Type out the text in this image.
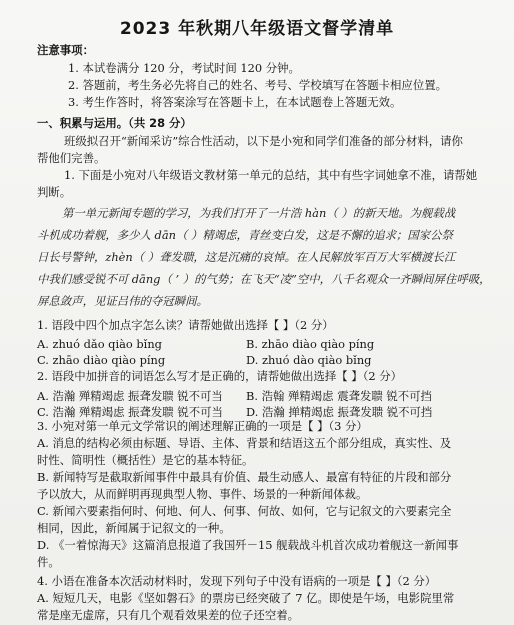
2023 年秋期八年级语文督学清单
注意事项：
1. 本试卷满分 120 分，考试时间 120 分钟。
2. 答题前，考生务必先将自己的姓名、考号、学校填写在答题卡相应位置。
3. 考生作答时，将答案涂写在答题卡上，在本试题卷上答题无效。
一、积累与运用。（共 28 分）
班级拟召开“新闻采访”综合性活动，以下是小宛和同学们准备的部分材料，请你
帮他们完善。
1. 下面是小宛对八年级语文教材第一单元的总结，其中有些字词她拿不准，请帮她
判断。
第一单元新闻专题的学习，为我们打开了一片浩 hàn（ ）的新天地。为舰载战
斗机成功着舰，多少人 dān（ ）精竭虑，青丝变白发，这是不懈的追求；国家公祭
日长号警钟，zhèn（ ）聋发聩，这是沉痛的哀悼。在人民解放军百万大军横渡长江
中我们感受锐不可 dāng（ ’ ）的气势；在飞天“凌”空中，八千名观众一齐瞬间屏住呼吸，
屏息敛声，见证吕伟的夺冠瞬间。
1. 语段中四个加点字怎么读？请帮她做出选择【 】（2 分）
A. zhuó dǎo qiào bǐng	B. zhāo diào qiào píng
C. zhāo diào qiào píng	D. zhuó dào qiào bǐng
2. 语段中加拼音的词语怎么写才是正确的，请帮她做出选择【 】（2 分）
A. 浩瀚 殚精竭虑 振聋发聩 锐不可当 B. 浩翰 殚精竭虑 震聋发聩 锐不可挡
C. 浩瀚 殚精竭虑 振聋发聩 锐不可当 D. 浩瀚 掸精竭虑 振聋发聩 锐不可挡
3. 小宛对第一单元文学常识的阐述理解正确的一项是【 】（3 分）
A. 消息的结构必须由标题、导语、主体、背景和结语这五个部分组成，真实性、及
时性、简明性（概括性）是它的基本特征。
B. 新闻特写是截取新闻事件中最具有价值、最生动感人、最富有特征的片段和部分
予以放大，从而鲜明再现典型人物、事件、场景的一种新闻体裁。
C. 新闻六要素指何时、何地、何人、何事、何故、如何，它与记叙文的六要素完全
相同，因此，新闻属于记叙文的一种。
D. 《一着惊海天》这篇消息报道了我国歼－15 舰载战斗机首次成功着舰这一新闻事
件。
4. 小语在准备本次活动材料时，发现下列句子中没有语病的一项是【 】（2 分）
A. 短短几天，电影《坚如磐石》的票房已经突破了 7 亿。即使是午场，电影院里常
常是座无虚席，只有几个观看效果差的位子还空着。
